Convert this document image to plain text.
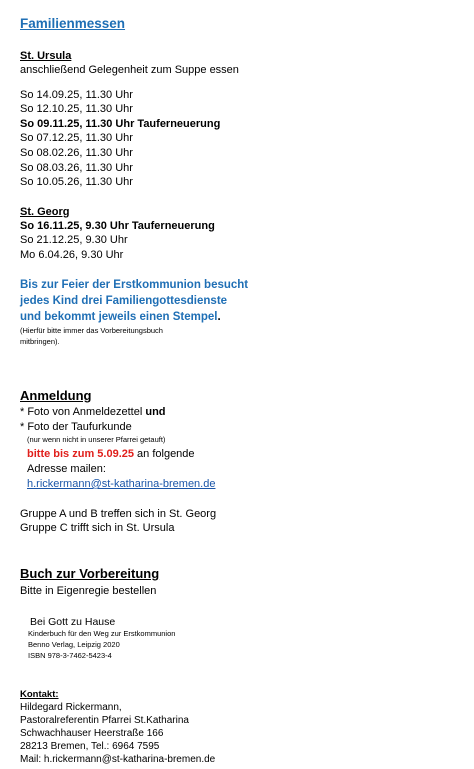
Familienmessen
St. Ursula
anschließend Gelegenheit zum Suppe essen
So 14.09.25, 11.30 Uhr
So 12.10.25, 11.30 Uhr
So 09.11.25, 11.30 Uhr Tauferneuerung
So 07.12.25, 11.30 Uhr
So 08.02.26, 11.30 Uhr
So 08.03.26, 11.30 Uhr
So 10.05.26, 11.30 Uhr
St. Georg
So 16.11.25, 9.30 Uhr Tauferneuerung
So 21.12.25, 9.30 Uhr
Mo 6.04.26, 9.30 Uhr
Bis zur Feier der Erstkommunion besucht
jedes Kind drei Familiengottesdienste
und bekommt jeweils einen Stempel.
(Hierfür bitte immer das Vorbereitungsbuch
mitbringen).
Anmeldung
* Foto von Anmeldezettel und
* Foto der Taufurkunde
(nur wenn nicht in unserer Pfarrei getauft)
bitte bis zum 5.09.25 an folgende
Adresse mailen:
h.rickermann@st-katharina-bremen.de
Gruppe A und B treffen sich in St. Georg
Gruppe C trifft sich in St. Ursula
Buch zur Vorbereitung
Bitte in Eigenregie bestellen
Bei Gott zu Hause
Kinderbuch für den Weg zur Erstkommunion
Benno Verlag, Leipzig 2020
ISBN 978-3-7462-5423-4
Kontakt:
Hildegard Rickermann,
Pastoralreferentin Pfarrei St.Katharina
Schwachhauser Heerstraße 166
28213 Bremen, Tel.: 6964 7595
Mail: h.rickermann@st-katharina-bremen.de
